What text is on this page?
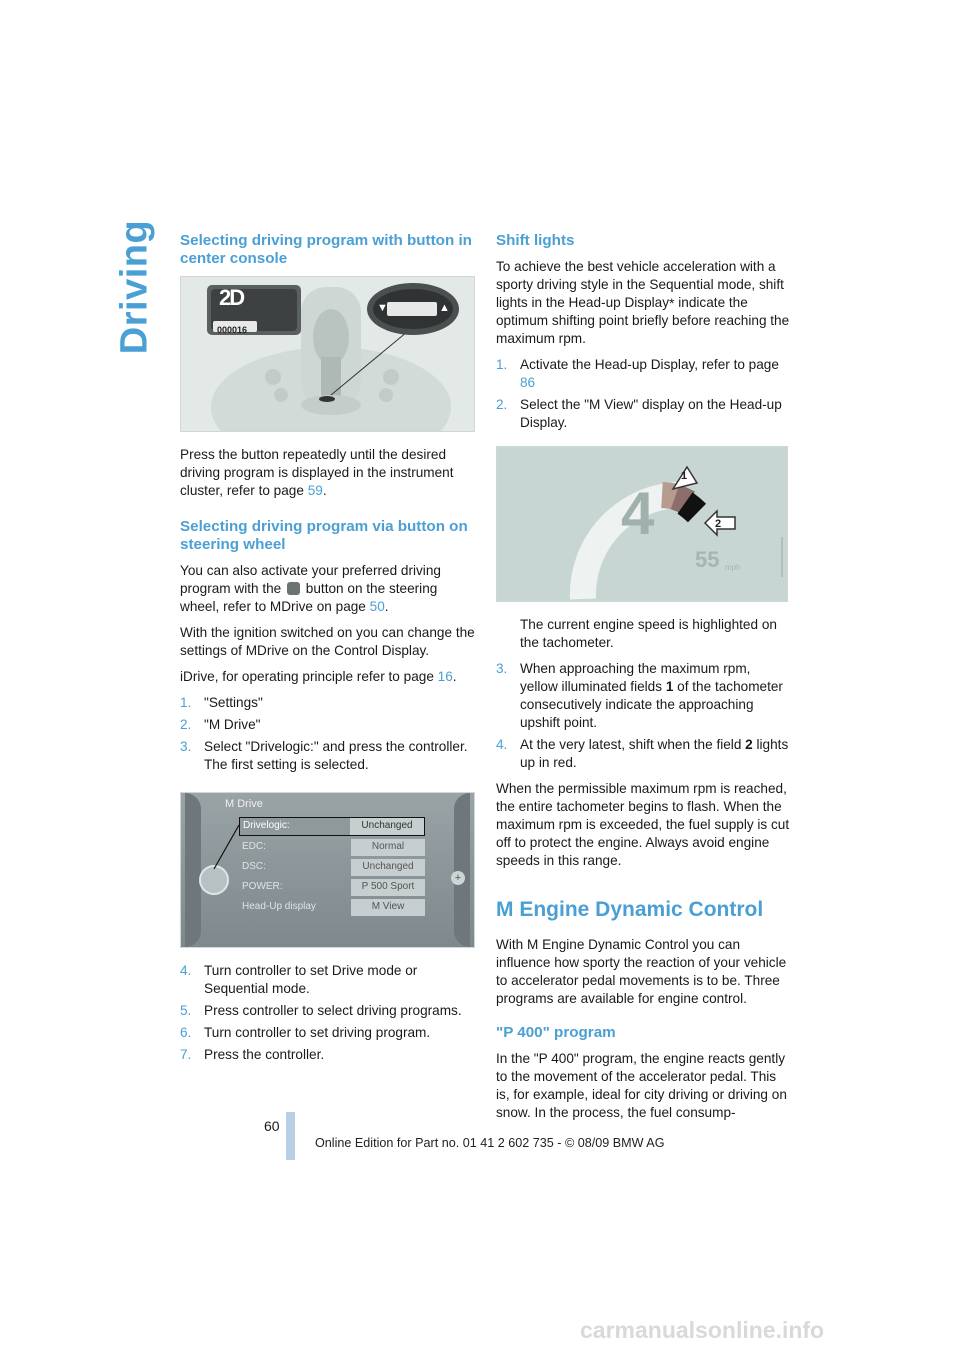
Driving Selecting driving program with button in center console
2D
000016
▼	▲

Press the button repeatedly until the desired driving program is displayed in the instrument cluster, refer to page 59.

Selecting driving program via button on steering wheel

You can also activate your preferred driving program with the  button on the steering wheel, refer to MDrive on page 50.

With the ignition switched on you can change the settings of MDrive on the Control Display.

iDrive, for operating principle refer to page 16.

1. "Settings"
2. "M Drive"
3. Select "Drivelogic:" and press the controller. The first setting is selected.
+
M Drive
Drivelogic:	Unchanged
EDC:	Normal
DSC:	Unchanged
POWER:	P 500 Sport
Head-Up display	M View
4. Turn controller to set Drive mode or Sequential mode.
5. Press controller to select driving programs.
6. Turn controller to set driving program.
7. Press the controller.
Shift lights

To achieve the best vehicle acceleration with a sporty driving style in the Sequential mode, shift lights in the Head-up Display* indicate the optimum shifting point briefly before reaching the maximum rpm.

1. Activate the Head-up Display, refer to page 86
2. Select the "M View" display on the Head-up Display.
4
55 mph
1
2

The current engine speed is highlighted on the tachometer.

3. When approaching the maximum rpm, yellow illuminated fields 1 of the tachometer consecutively indicate the approaching upshift point.
4. At the very latest, shift when the field 2 lights up in red.

When the permissible maximum rpm is reached, the entire tachometer begins to flash. When the maximum rpm is exceeded, the fuel supply is cut off to protect the engine. Always avoid engine speeds in this range.

M Engine Dynamic Control

With M Engine Dynamic Control you can influence how sporty the reaction of your vehicle to accelerator pedal movements is to be. Three programs are available for engine control.

"P 400" program

In the "P 400" program, the engine reacts gently to the movement of the accelerator pedal. This is, for example, ideal for city driving or driving on snow. In the process, the fuel consump-

60
Online Edition for Part no. 01 41 2 602 735 - © 08/09 BMW AG
carmanualsonline.info
